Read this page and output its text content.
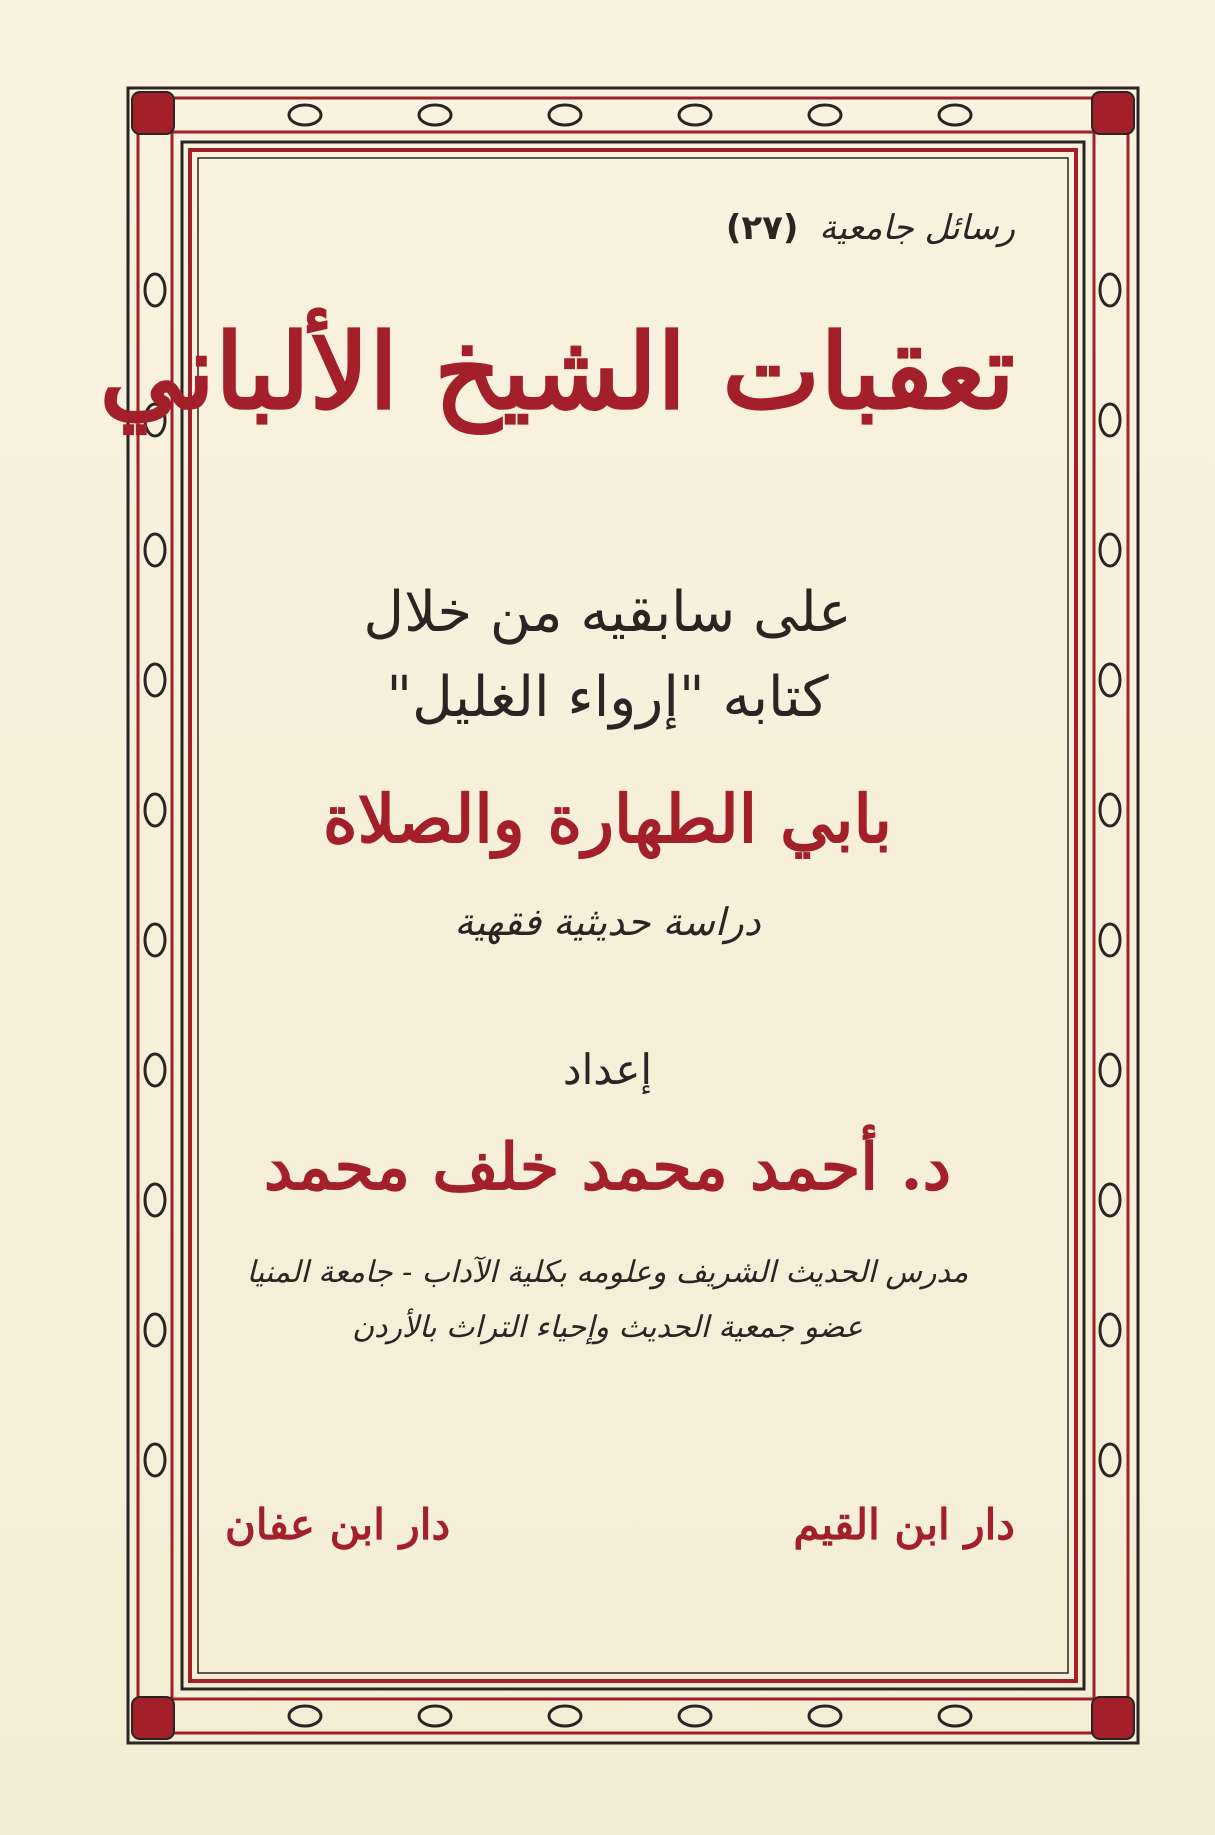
رسائل جامعية (٢٧)
تعقبات الشيخ الألباني
على سابقيه من خلال
كتابه "إرواء الغليل"
بابي الطهارة والصلاة
دراسة حديثية فقهية
إعداد
د. أحمد محمد خلف محمد
مدرس الحديث الشريف وعلومه بكلية الآداب - جامعة المنيا
عضو جمعية الحديث وإحياء التراث بالأردن
دار ابن القيم
دار ابن عفان
